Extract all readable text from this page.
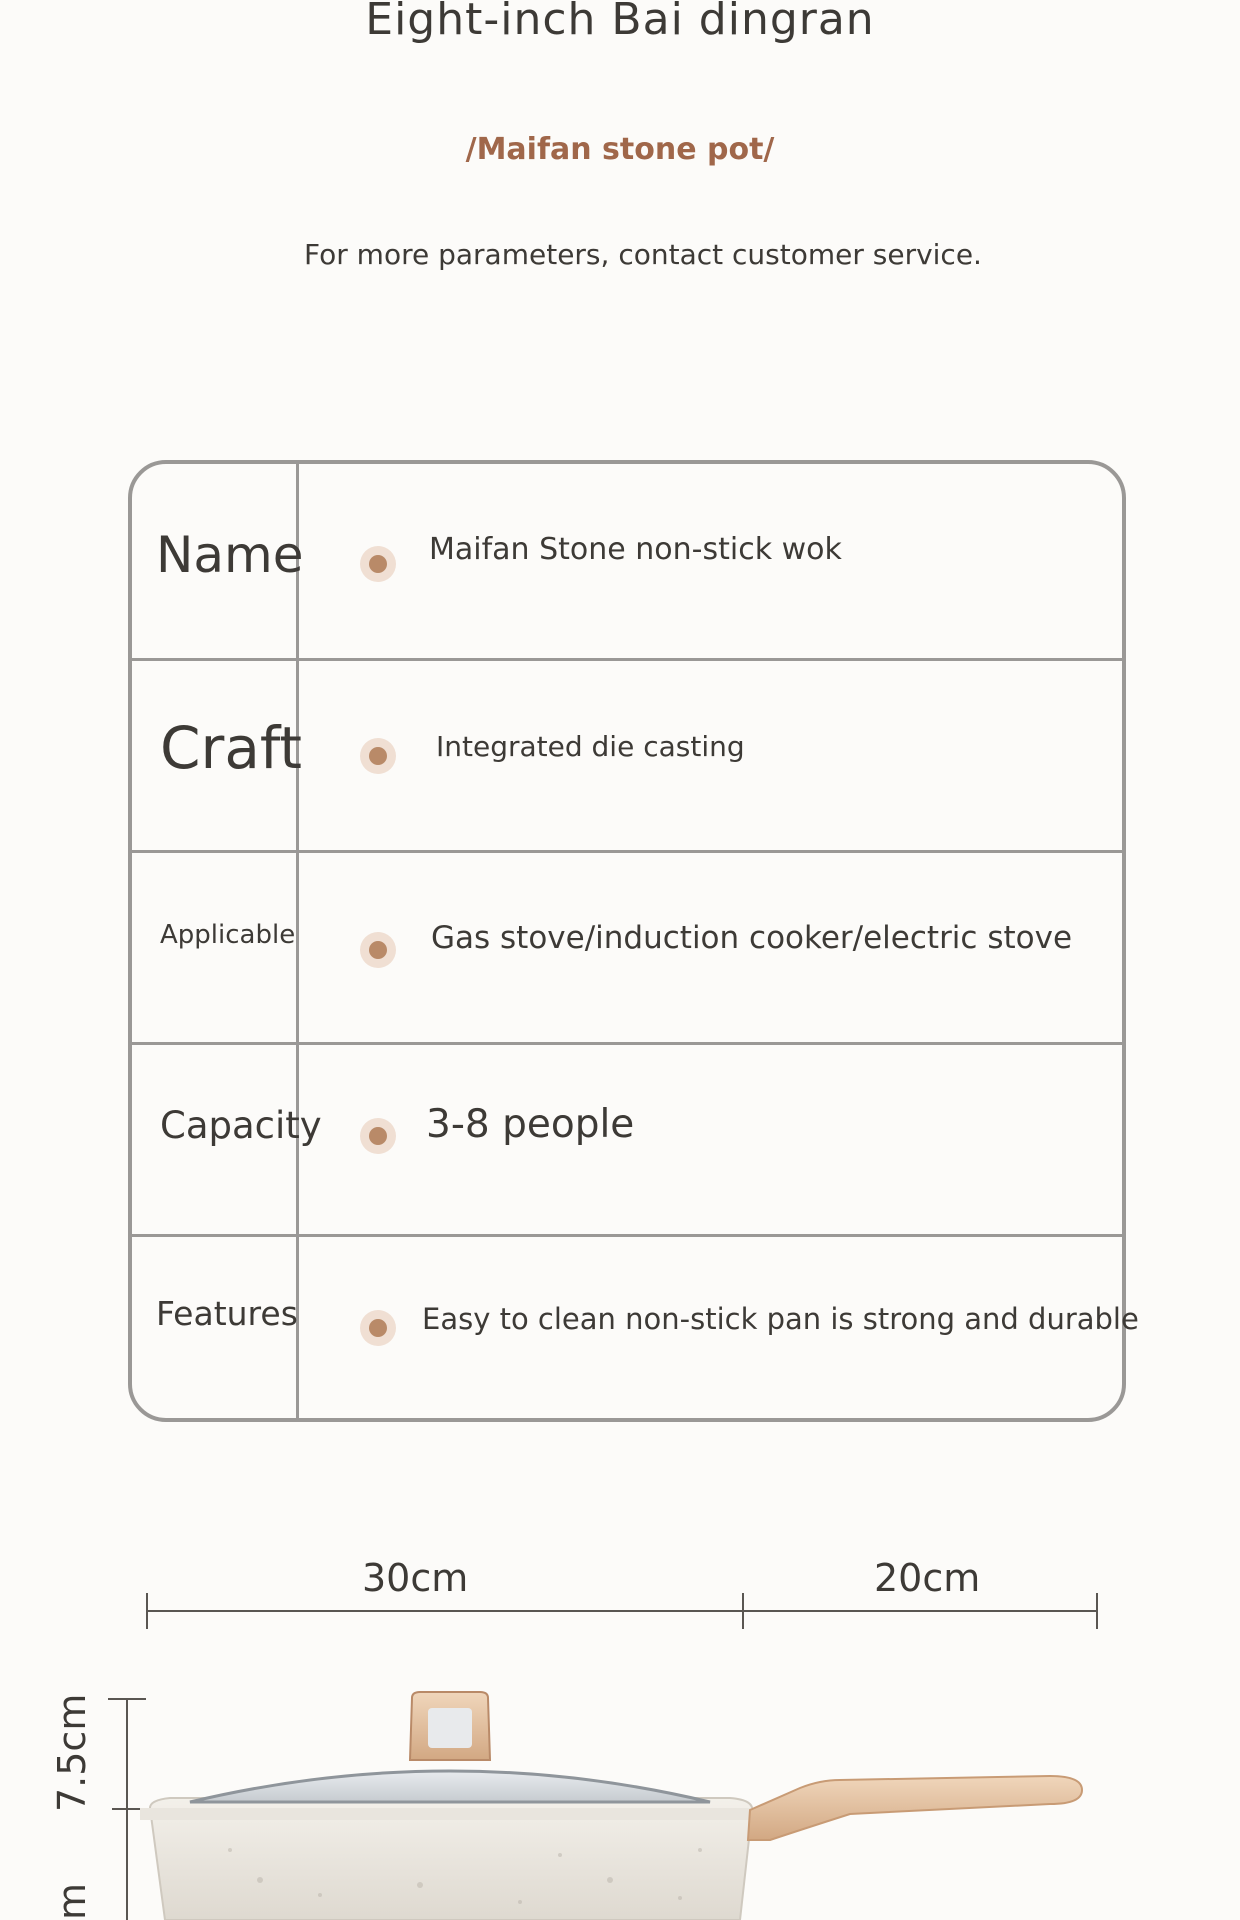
Eight-inch Bai dingran
/Maifan stone pot/
For more parameters, contact customer service.
Name	Maifan Stone non-stick wok
Craft	Integrated die casting
Applicable	Gas stove/induction cooker/electric stove
Capacity	3-8 people
Features	Easy to clean non-stick pan is strong and durable
30cm	20cm
7.5cm
m
